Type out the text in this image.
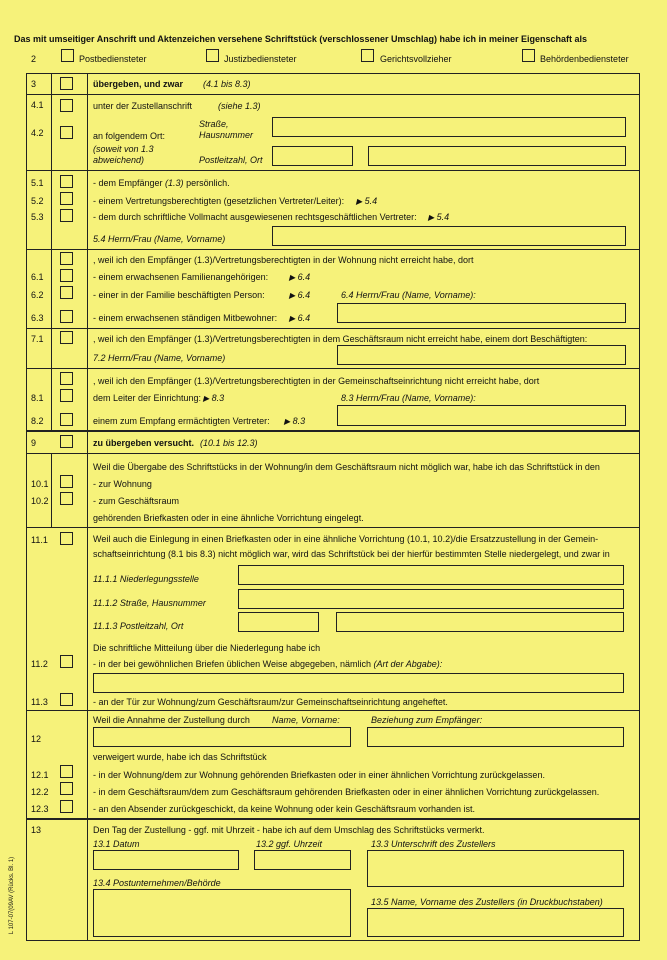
Das mit umseitiger Anschrift und Aktenzeichen versehene Schriftstück (verschlossener Umschlag) habe ich in meiner Eigenschaft als
2	Postbediensteter	Justizbediensteter	Gerichtsvollzieher	Behördenbediensteter
3	übergeben, und zwar (4.1 bis 8.3)
4.1	unter der Zustellanschrift	(siehe 1.3)
4.2	an folgendem Ort:
(soweit von 1.3
abweichend)
Straße,
Hausnummer
Postleitzahl, Ort
5.1	- dem Empfänger (1.3) persönlich.
5.2	- einem Vertretungsberechtigten (gesetzlichen Vertreter/Leiter): ▶ 5.4
5.3	- dem durch schriftliche Vollmacht ausgewiesenen rechtsgeschäftlichen Vertreter: ▶ 5.4
5.4 Herrn/Frau (Name, Vorname)
, weil ich den Empfänger (1.3)/Vertretungsberechtigten in der Wohnung nicht erreicht habe, dort
6.1	- einem erwachsenen Familienangehörigen:	▶ 6.4
6.2	- einer in der Familie beschäftigten Person:	▶ 6.4	6.4 Herrn/Frau (Name, Vorname):
6.3	- einem erwachsenen ständigen Mitbewohner: ▶ 6.4
7.1	, weil ich den Empfänger (1.3)/Vertretungsberechtigten in dem Geschäftsraum nicht erreicht habe, einem dort Beschäftigten:
7.2 Herrn/Frau (Name, Vorname)
, weil ich den Empfänger (1.3)/Vertretungsberechtigten in der Gemeinschaftseinrichtung nicht erreicht habe, dort
8.1	dem Leiter der Einrichtung: ▶ 8.3	8.3 Herrn/Frau (Name, Vorname):
8.2	einem zum Empfang ermächtigten Vertreter: ▶ 8.3
9	zu übergeben versucht. (10.1 bis 12.3)
Weil die Übergabe des Schriftstücks in der Wohnung/in dem Geschäftsraum nicht möglich war, habe ich das Schriftstück in den
10.1	- zur Wohnung
10.2	- zum Geschäftsraum
gehörenden Briefkasten oder in eine ähnliche Vorrichtung eingelegt.
11.1	Weil auch die Einlegung in einen Briefkasten oder in eine ähnliche Vorrichtung (10.1, 10.2)/die Ersatzzustellung in der Gemein-
schaftseinrichtung (8.1 bis 8.3) nicht möglich war, wird das Schriftstück bei der hierfür bestimmten Stelle niedergelegt, und zwar in
11.1.1 Niederlegungsstelle
11.1.2 Straße, Hausnummer
11.1.3 Postleitzahl, Ort
Die schriftliche Mitteilung über die Niederlegung habe ich
11.2	- in der bei gewöhnlichen Briefen üblichen Weise abgegeben, nämlich (Art der Abgabe):
11.3	- an der Tür zur Wohnung/zum Geschäftsraum/zur Gemeinschaftseinrichtung angeheftet.
Weil die Annahme der Zustellung durch Name, Vorname:	Beziehung zum Empfänger:
12
verweigert wurde, habe ich das Schriftstück
12.1	- in der Wohnung/dem zur Wohnung gehörenden Briefkasten oder in einer ähnlichen Vorrichtung zurückgelassen.
12.2	- in dem Geschäftsraum/dem zum Geschäftsraum gehörenden Briefkasten oder in einer ähnlichen Vorrichtung zurückgelassen.
12.3	- an den Absender zurückgeschickt, da keine Wohnung oder kein Geschäftsraum vorhanden ist.
13	Den Tag der Zustellung - ggf. mit Uhrzeit - habe ich auf dem Umschlag des Schriftstücks vermerkt.
13.1 Datum	13.2 ggf. Uhrzeit	13.3 Unterschrift des Zustellers
13.4 Postunternehmen/Behörde
13.5 Name, Vorname des Zustellers (in Druckbuchstaben)
L 107-07(09AV (Rücks. Bl. 1)
